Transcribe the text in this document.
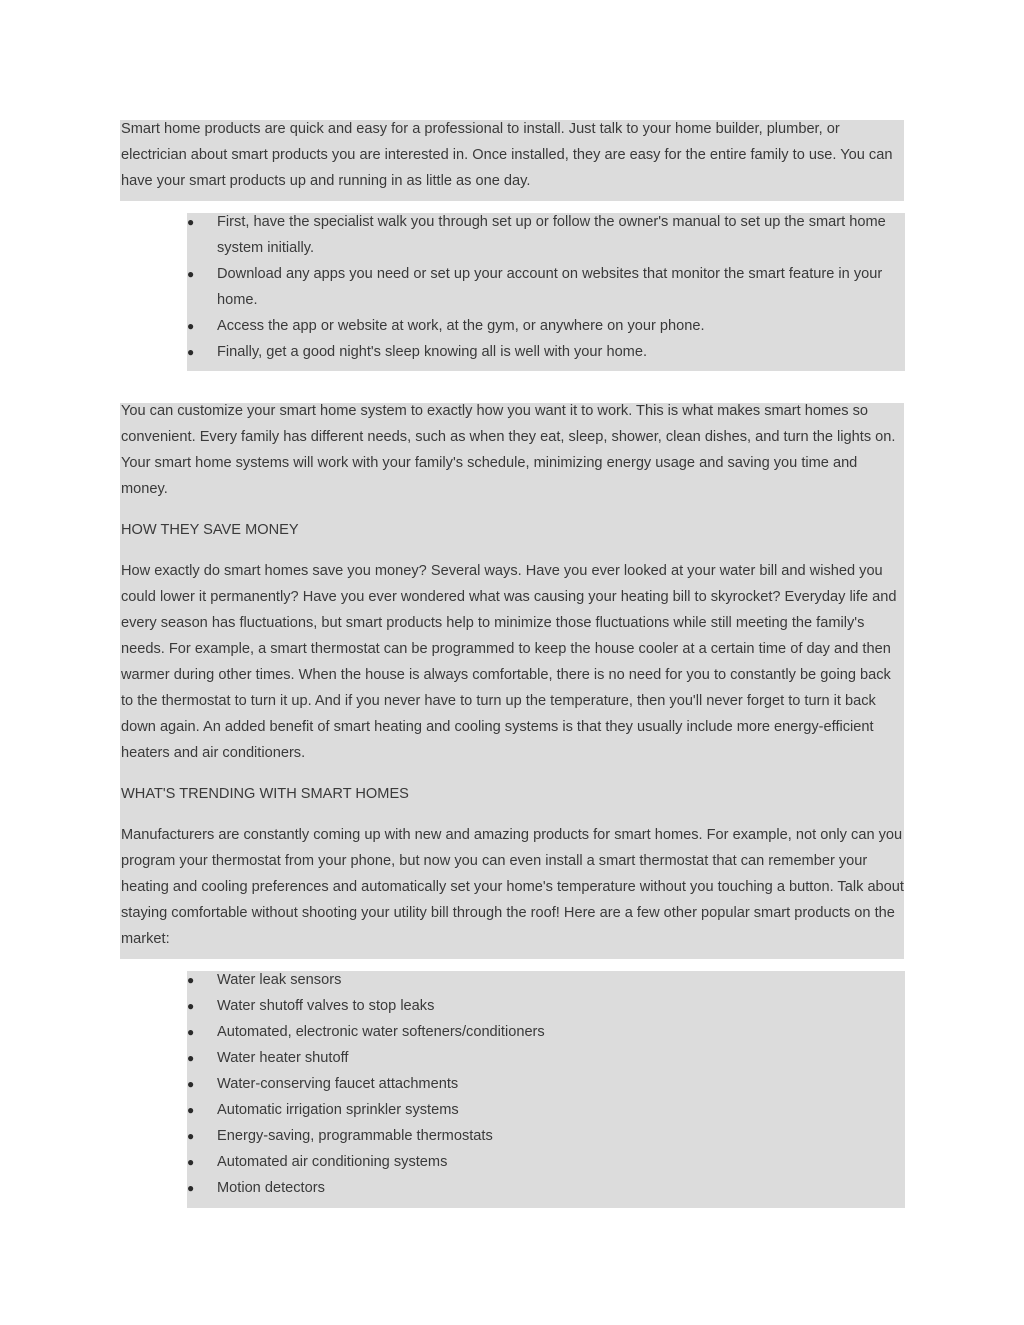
Smart home products are quick and easy for a professional to install. Just talk to your home builder, plumber, or electrician about smart products you are interested in. Once installed, they are easy for the entire family to use. You can have your smart products up and running in as little as one day.

● First, have the specialist walk you through set up or follow the owner's manual to set up the smart home system initially.
● Download any apps you need or set up your account on websites that monitor the smart feature in your home.
● Access the app or website at work, at the gym, or anywhere on your phone.
● Finally, get a good night's sleep knowing all is well with your home.

You can customize your smart home system to exactly how you want it to work. This is what makes smart homes so convenient. Every family has different needs, such as when they eat, sleep, shower, clean dishes, and turn the lights on. Your smart home systems will work with your family's schedule, minimizing energy usage and saving you time and money.

HOW THEY SAVE MONEY

How exactly do smart homes save you money? Several ways. Have you ever looked at your water bill and wished you could lower it permanently? Have you ever wondered what was causing your heating bill to skyrocket? Everyday life and every season has fluctuations, but smart products help to minimize those fluctuations while still meeting the family's needs. For example, a smart thermostat can be programmed to keep the house cooler at a certain time of day and then warmer during other times. When the house is always comfortable, there is no need for you to constantly be going back to the thermostat to turn it up. And if you never have to turn up the temperature, then you'll never forget to turn it back down again. An added benefit of smart heating and cooling systems is that they usually include more energy-efficient heaters and air conditioners.

WHAT'S TRENDING WITH SMART HOMES

Manufacturers are constantly coming up with new and amazing products for smart homes. For example, not only can you program your thermostat from your phone, but now you can even install a smart thermostat that can remember your heating and cooling preferences and automatically set your home's temperature without you touching a button. Talk about staying comfortable without shooting your utility bill through the roof! Here are a few other popular smart products on the market:

● Water leak sensors
● Water shutoff valves to stop leaks
● Automated, electronic water softeners/conditioners
● Water heater shutoff
● Water-conserving faucet attachments
● Automatic irrigation sprinkler systems
● Energy-saving, programmable thermostats
● Automated air conditioning systems
● Motion detectors
